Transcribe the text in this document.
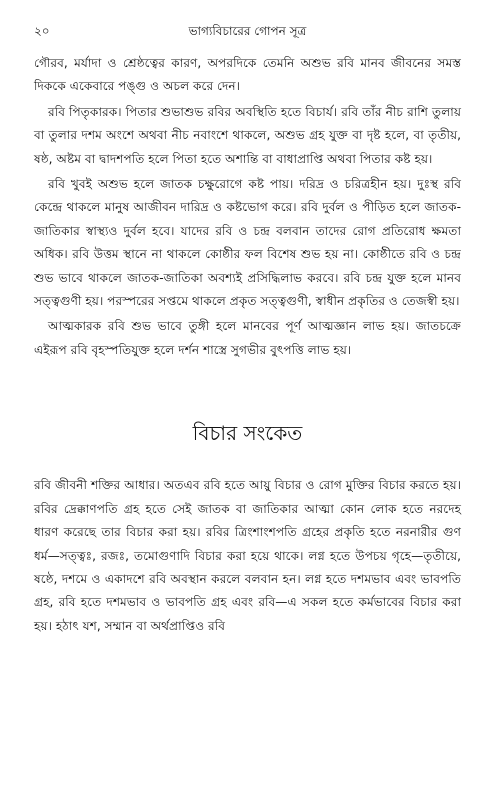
২০	ভাগ্যবিচারের গোপন সূত্র

গৌরব, মর্যাদা ও শ্রেষ্ঠত্বের কারণ, অপরদিকে তেমনি অশুভ রবি মানব জীবনের সমস্ত দিককে একেবারে পঙ্গু ও অচল করে দেন।

রবি পিতৃকারক। পিতার শুভাশুভ রবির অবস্থিতি হতে বিচার্য। রবি তাঁর নীচ রাশি তুলায় বা তুলার দশম অংশে অথবা নীচ নবাংশে থাকলে, অশুভ গ্রহ যুক্ত বা দৃষ্ট হলে, বা তৃতীয়, ষষ্ঠ, অষ্টম বা দ্বাদশপতি হলে পিতা হতে অশান্তি বা বাধাপ্রাপ্তি অথবা পিতার কষ্ট হয়।

রবি খুবই অশুভ হলে জাতক চক্ষুরোগে কষ্ট পায়। দরিদ্র ও চরিত্রহীন হয়। দুঃস্থ রবি কেন্দ্রে থাকলে মানুষ আজীবন দারিদ্র ও কষ্টভোগ করে। রবি দুর্বল ও পীড়িত হলে জাতক-জাতিকার স্বাস্থ্যও দুর্বল হবে। যাদের রবি ও চন্দ্র বলবান তাদের রোগ প্রতিরোধ ক্ষমতা অধিক। রবি উত্তম স্থানে না থাকলে কোষ্ঠীর ফল বিশেষ শুভ হয় না। কোষ্ঠীতে রবি ও চন্দ্র শুভ ভাবে থাকলে জাতক-জাতিকা অবশ্যই প্রসিদ্ধিলাভ করবে। রবি চন্দ্র যুক্ত হলে মানব সত্ত্বগুণী হয়। পরস্পরের সপ্তমে থাকলে প্রকৃত সত্ত্বগুণী, স্বাধীন প্রকৃতির ও তেজস্বী হয়।

আত্মকারক রবি শুভ ভাবে তুঙ্গী হলে মানবের পূর্ণ আত্মজ্ঞান লাভ হয়। জাতচক্রে এইরূপ রবি বৃহস্পতিযুক্ত হলে দর্শন শাস্ত্রে সুগভীর বুৎপত্তি লাভ হয়।

বিচার সংকেত

রবি জীবনী শক্তির আধার। অতএব রবি হতে আয়ু বিচার ও রোগ মুক্তির বিচার করতে হয়। রবির দ্রেক্কাণপতি গ্রহ হতে সেই জাতক বা জাতিকার আত্মা কোন লোক হতে নরদেহ ধারণ করেছে তার বিচার করা হয়। রবির ত্রিংশাংশপতি গ্রহের প্রকৃতি হতে নরনারীর গুণ ধর্ম—সত্ত্বঃ, রজঃ, তমোগুণাদি বিচার করা হয়ে থাকে। লগ্ন হতে উপচয় গৃহে—তৃতীয়ে, ষষ্ঠে, দশমে ও একাদশে রবি অবস্থান করলে বলবান হন। লগ্ন হতে দশমভাব এবং ভাবপতি গ্রহ, রবি হতে দশমভাব ও ভাবপতি গ্রহ এবং রবি—এ সকল হতে কর্মভাবের বিচার করা হয়। হঠাৎ যশ, সম্মান বা অর্থপ্রাপ্তিও রবি
